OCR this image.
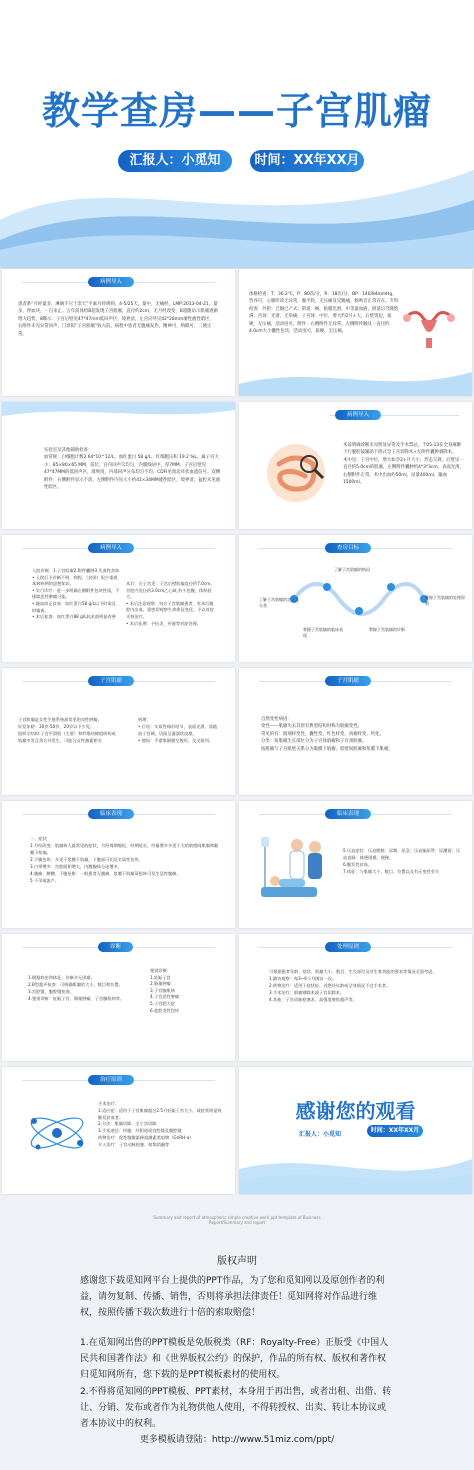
教学查房——子宫肌瘤
汇报人：小觅知	时间：XX年XX月
病例导入
患者系“月经量多、淋漓不尽十余天”平素月经规则，4-5/25天，量中，无痛经，LMP:2013-04-21，量多，伴血块，一百来止。五年前体检B超发现子宫肌瘤，直径约2cm，无月经改变，B超随访示肌瘤逐渐增大趋势，8顺示：子宫后壁见47*47mm低回声区，境界清，左宫向外见42*28mm屡性液性暗区，右附件未见异常回声。门诊拟“子宫肌瘤”收入院，病程中患者无腹痛发热，精神可，纳眠可，二便正常。
体格检查：T：36.2℃，P：80次/分，R：18次/分，BP：140/84mmHg，营养可，心肺听诊无异常，腹平软，无压痛及反跳痛，肠鸣音正常存在。专科检查：外阴：已婚已产式；阴道：畅，粘膜光滑，中等量血液，阴道后穹隆饱满；宫颈：光滑，无举痛，子宫体：中位，增大约2月+大，后壁突起，质硬，无压痛，活动度可。附件：右侧附件无异常，左侧附件触及一直径约4.0cm大小囊性包块，活动度可，质硬，无压痛。
实验室及其他辅助检查：
血常规：白细胞计数2.64*10^12/L，血红蛋白 58 g/L，红细胞压积 19.2 %L，属子宫大小：85×80×65 MM，前位，宫内回声欠均匀，内膜线居中，厚7MM，子宫后壁见47*47MM的低回声区，境界清，内部回声分布均匀不均，CDFI见周边环状血流信号。双侧附件：右侧附件显示不清，左侧附件内见大小约41×34MM液性暗区，境界清，盆腔未见液性暗区。
病例导入
术前明确诊断未见明显异常及手术禁忌，于05-13在全身麻醉下行腹腔镜辅助下阴式全子宫切除术+左附件囊肿剥除术。
术中见：子宫中位，增大如孕2+月大小，形态欠规，后壁见一直径约5.0cm的肌瘤，左侧附件囊肿约4*3*3cm，表面光滑，右侧附件正常。术中出血约50ml，尿量400ml，输血1500ml。
病例导入
入院诊断：1.子宫肌瘤2.附件囊肿3.失血性贫血
• 入院后予诊断不明，病程、（贫困）很少重视本病病例的思想知识。
• 实行诊疗：进一步明确左侧附件包块性质，不排除恶性肿瘤可能。
• 输血纠正贫血：血红蛋白58 g/L以下时需及时输血。
• 术后复查：血红蛋白88 g/L较术前明显改善
术后：左子宫见：子宫后壁肌瘤直径约7.0cm,宫腔内见径约3.0cm乙心缺,有小包膜，体积较大。
• 术后注意观察：符合子宫肌瘤患者，有术后腹腔内出血，需密切观察生命体征变化。予以对症支持治疗。
• 术后处理：予抗炎、补液等对症处理。
查房目标
了解子宫肌瘤的定义及分类
了解子宫肌瘤的病因
掌握子宫肌瘤的临床表现
掌握子宫肌瘤的诊断
掌握子宫肌瘤的处理原则
子宫肌瘤
子宫肌瘤是女性生殖系统最常见的良性肿瘤。
好发年龄：30岁-50岁，20岁以下少见。
组织学结构:子宫平滑肌（主要）和纤维结缔组织构成
肌瘤多发且常合并发生，可能与女性激素相关
病理：
• 巨检：实质性球形结节，表面光滑，质地较子宫硬，切面呈漩涡状纹理。
• 镜检：平滑肌细胞呈梭形，交叉排列。
子宫肌瘤
自然变性病因：
变性——肌瘤失去其原有典型结构时称为肌瘤变性。
常见的有：玻璃样变性，囊性变，红色样变，肉瘤样变，钙化。
分类：按肌瘤生长部位分为子宫体肌瘤和子宫颈肌瘤。
按肌瘤与子宫肌壁关系分为黏膜下肌瘤、肌壁间肌瘤和浆膜下肌瘤。
临床表现
一、症状
1.月经改变：肌瘤病人最常见的症状，月经周期缩短、经期延长、经量增多多见于大的肌壁间肌瘤和黏膜下肌瘤。
2.下腹包块：多见于浆膜下肌瘤，下腹部可扪及实质性包块。
3.白带增多：宫腔面积增大，内膜腺体分泌增多。
4.腹痛、腰酸、下腹坠胀：一般患者无腹痛，浆膜下肌瘤蒂扭转可发生急性腹痛。
5.不孕或流产。
临床表现
5.压迫症状：压迫膀胱：尿频、尿急；压迫输尿管：尿潴留；压迫直肠：排便困难、便秘。
6.继发性贫血。
7.体征：与肌瘤大小、数目、位置以及有无变性有关
诊断
1.根据病史和体征，诊断多无困难。
2.B型超声检查：可明确肌瘤的大小、数目和位置。
3.宫腔镜、腹腔镜检查。
4.鉴别诊断：妊娠子宫、卵巢肿瘤、子宫腺肌病等。
鉴别诊断：
1.妊娠子宫
2.卵巢肿瘤
3.子宫腺肌病
4.子宫恶性肿瘤
5.子宫肥大症
6.盆腔炎性包块
处理原则
可根据患者年龄、症状、肌瘤大小、数目、生长部位及对生育功能的要求等情况全面考虑。
1.随访观察：每3~6个月随访一次。
2.药物治疗：适用于症状轻、近绝经年龄或全身情况不宜手术者。
3.手术治疗：肌瘤剔除术或子宫切除术。
4.其他：子宫动脉栓塞术、高强度聚焦超声等。
治疗原则
手术治疗：
1.适应症：适用于子宫肌瘤超过2.5月妊娠子宫大小，或症状明显致继发贫血者。
2.方法：肌瘤切除、全子宫切除
3.手术途径：经腹、经阴道或宫腔镜及腹腔镜
药物治疗：促性腺激素释放激素类似物（GnRH-a）
介入治疗：子宫动脉栓塞、射频消融等
感谢您的观看
汇报人：小觅知
时间：XX年XX月
Summary and report of atmospheric simple creative work ppt template of Business Report/Summary and report
版权声明
感谢您下载觅知网平台上提供的PPT作品，为了您和觅知网以及原创作者的利益，请勿复制、传播、销售，否则将承担法律责任！觅知网将对作品进行维权，按照传播下载次数进行十倍的索取赔偿！
1.在觅知网出售的PPT模板是免版税类（RF：Royalty-Free）正版受《中国人民共和国著作法》和《世界版权公约》的保护，作品的所有权、版权和著作权归觅知网所有，您下载的是PPT模板素材的使用权。
2.不得将觅知网的PPT模板、PPT素材，本身用于再出售，或者出租、出借、转让、分销、发布或者作为礼物供他人使用，不得转授权、出卖、转让本协议或者本协议中的权利。
更多模板请登陆：http://www.51miz.com/ppt/
